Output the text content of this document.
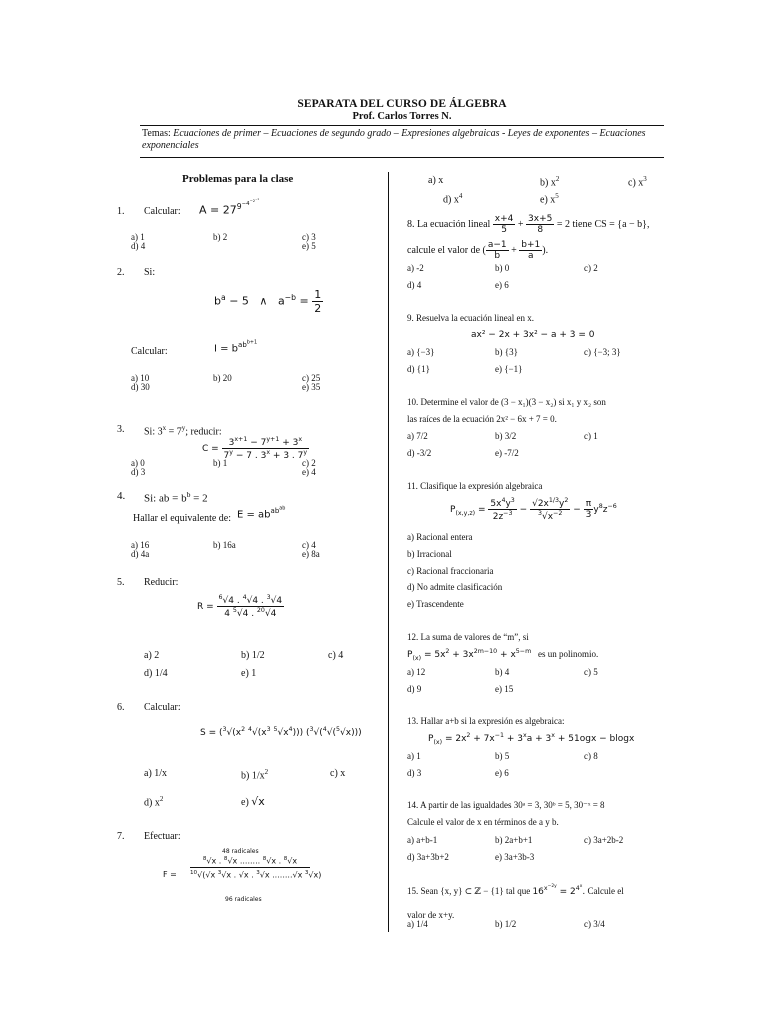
SEPARATA DEL CURSO DE ÁLGEBRA
Prof. Carlos Torres N.
Temas: Ecuaciones de primer – Ecuaciones de segundo grado – Expresiones algebraicas - Leyes de exponentes – Ecuaciones exponenciales
Problemas para la clase
1. Calcular: $A = 27^{9^{-4^{-2^{-1}}}}$
a) 1	b) 2	c) 3
d) 4	e) 5
2. Si:
$b^a - 5$   ∧   $a^{-b} = \frac{1}{2}$
Calcular:	$I = b^{ab^{b+1}}$
a) 10	b) 20	c) 25
d) 30	e) 35
3. Si: $3^x = 7^y$; reducir:
$C = \frac{3^{x+1} - 7^{y+1} + 3^x}{7^y - 7 . 3^x + 3 . 7^y}$
a) 0	b) 1	c) 2
d) 3	e) 4
4. Si: ab = $b^b = 2$
Hallar el equivalente de: $E = ab^{ab^{ab}}$
a) 16	b) 16a	c) 4
d) 4a	e) 8a
5. Reducir:
$R = \frac{^6√4 . ^4√4 . ^3√4}{4 ^5√4 . ^{20}√4}$
a) 2	b) 1/2	c) 4
d) 1/4	e) 1
6. Calcular:
$S = (^3√(x^2$ $^4√(x^3$ $^5√x^4$))) ($^3$√($^4$√($^5$√x)))
a) 1/x	b) $1/x^2$	c) x
d) $x^2$	e) √x
7. Efectuar:
48 radicales
$F = \frac{^8√x . ^8√x ........ ^8√x . ^8√x}{^{10}√(√x ^3√x . √x . ^3√x ........√x ^3√x)}$
96 radicales
a) x	b) $x^2$	c) $x^3$
d) $x^4$	e) $x^5$
8. La ecuación lineal $\frac{x+4}{5} + \frac{3x+5}{8} = 2$ tiene CS = {a − b},
calcule el valor de ( $\frac{a-1}{b} + \frac{b+1}{a}$ ).
a) -2	b) 0	c) 2
d) 4	e) 6
9. Resuelva la ecuación lineal en x.
ax² − 2x + 3x² − a + 3 = 0
a) {−3}	b) {3}	c) {−3; 3}
d) {1}	e) {−1}
10. Determine el valor de (3 − x₁)(3 − x₂) si x₁ y x₂ son
las raíces de la ecuación 2x² − 6x + 7 = 0.
a) 7/2	b) 3/2	c) 1
d) -3/2	e) -7/2
11. Clasifique la expresión algebraica
$P_{(x,y,z)} = \frac{5x^4y^3}{2z^{-3}} - \frac{√2x^{1/3}y^2}{^3√x^{-2}} - \frac{\pi}{3} y^8z^{-6}$
a) Racional entera
b) Irracional
c) Racional fraccionaria
d) No admite clasificación
e) Trascendente
12. La suma de valores de “m”, si
$P_{(x)} = 5x^2 + 3x^{2m-10} + x^{5-m}$ es un polinomio.
a) 12	b) 4	c) 5
d) 9	e) 15
13. Hallar a+b si la expresión es algebraica:
$P_{(x)} = 2x^2 + 7x^{-1} + 3^xa + 3^x + 51ogx - blogx$
a) 1	b) 5	c) 8
d) 3	e) 6
14. A partir de las igualdades 30ᵃ = 3, 30ᵇ = 5, 30⁻ˣ = 8
Calcule el valor de x en términos de a y b.
a) a+b-1	b) 2a+b+1	c) 3a+2b-2
d) 3a+3b+2	e) 3a+3b-3
15. Sean {x, y} ⊂ ℤ − {1} tal que $16^{x^{-2y}} = 2^{4^x}$. Calcule el
valor de x+y.
a) 1/4	b) 1/2	c) 3/4
